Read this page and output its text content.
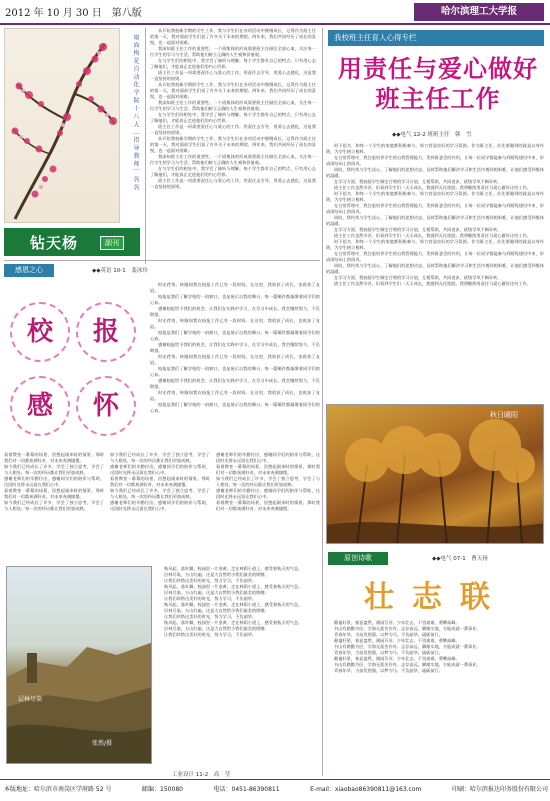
2012 年 10 月 30 日　第八版	哈尔滨理工大学报
扇 面 梅 花 自 动 化 学 院 十 八 大 ［ 指 导 教 师 ］ 名 名
钻天杨	副刊

从开始我校新学期的学生工作，我与学生们在各项活动中慢慢成长，记得作为班主任的第一天，我对面前学生们说了许多关于未来的期望。两年来，我们共同经历了成长的喜悦，也一起面对困难。

我深知班主任工作的重要性。一个班集体的形成需要班主任倾注全部心血，关注每一位学生的学习与生活，帮助他们树立正确的人生观和价值观。

在与学生们的相处中，我学会了倾听与理解。每个学生都有自己的特点，只有用心去了解他们，才能真正走进他们的内心世界。

班主任工作是一项需要责任心与爱心的工作。用责任去引导，用爱心去感化，这是我一直坚持的原则。

从开始我校新学期的学生工作，我与学生们在各项活动中慢慢成长，记得作为班主任的第一天，我对面前学生们说了许多关于未来的期望。两年来，我们共同经历了成长的喜悦，也一起面对困难。

我深知班主任工作的重要性。一个班集体的形成需要班主任倾注全部心血，关注每一位学生的学习与生活，帮助他们树立正确的人生观和价值观。

在与学生们的相处中，我学会了倾听与理解。每个学生都有自己的特点，只有用心去了解他们，才能真正走进他们的内心世界。

班主任工作是一项需要责任心与爱心的工作。用责任去引导，用爱心去感化，这是我一直坚持的原则。

从开始我校新学期的学生工作，我与学生们在各项活动中慢慢成长，记得作为班主任的第一天，我对面前学生们说了许多关于未来的期望。两年来，我们共同经历了成长的喜悦，也一起面对困难。

我深知班主任工作的重要性。一个班集体的形成需要班主任倾注全部心血，关注每一位学生的学习与生活，帮助他们树立正确的人生观和价值观。

在与学生们的相处中，我学会了倾听与理解。每个学生都有自己的特点，只有用心去了解他们，才能真正走进他们的内心世界。

班主任工作是一项需要责任心与爱心的工作。用责任去引导，用爱心去感化，这是我一直坚持的原则。

我校班主任育人心得专栏
用责任与爱心做好班主任工作
◆◆电气 12-2 班班主任　韩　雪

时下很多，和每一个学生的家庭都积极参与，努力营造良好的学习氛围。作为班主任，首先要做到的就是以身作则，为学生树立榜样。

在日常管理中，我注重培养学生的自我管理能力，发挥班委会的作用，让每一位同学都能参与到班级建设中来，形成团结向上的班风。

同时，我经常与学生谈心，了解他们的思想动态，及时帮助他们解决学习和生活中遇到的困难，让他们感受到集体的温暖。

在学习方面，我鼓励学生制定合理的学习计划，互相帮助，共同进步，班级学风不断好转。

班主任工作虽然辛苦，但看到学生们一天天成长，我感到无比欣慰。我将继续用责任与爱心做好这份工作。

时下很多，和每一个学生的家庭都积极参与，努力营造良好的学习氛围。作为班主任，首先要做到的就是以身作则，为学生树立榜样。

在日常管理中，我注重培养学生的自我管理能力，发挥班委会的作用，让每一位同学都能参与到班级建设中来，形成团结向上的班风。

同时，我经常与学生谈心，了解他们的思想动态，及时帮助他们解决学习和生活中遇到的困难，让他们感受到集体的温暖。

在学习方面，我鼓励学生制定合理的学习计划，互相帮助，共同进步，班级学风不断好转。

班主任工作虽然辛苦，但看到学生们一天天成长，我感到无比欣慰。我将继续用责任与爱心做好这份工作。

时下很多，和每一个学生的家庭都积极参与，努力营造良好的学习氛围。作为班主任，首先要做到的就是以身作则，为学生树立榜样。

在日常管理中，我注重培养学生的自我管理能力，发挥班委会的作用，让每一位同学都能参与到班级建设中来，形成团结向上的班风。

同时，我经常与学生谈心，了解他们的思想动态，及时帮助他们解决学习和生活中遇到的困难，让他们感受到集体的温暖。

在学习方面，我鼓励学生制定合理的学习计划，互相帮助，共同进步，班级学风不断好转。

班主任工作虽然辛苦，但看到学生们一天天成长，我感到无比欣慰。我将继续用责任与爱心做好这份工作。

感恩之心	◆◆英语 10-1　裴冰玲
校	报
感	怀

时光荏苒，转眼间我在校报工作已有一段时间。在这里，我收获了成长，也收获了友谊。

校报是我们了解学校的一扇窗口，也是展示自我的舞台。每一篇稿件都凝聚着同学们的心血。

感谢校报给予我们的机会，让我们在实践中学习，在学习中成长。我会继续努力，不负期望。

时光荏苒，转眼间我在校报工作已有一段时间。在这里，我收获了成长，也收获了友谊。

校报是我们了解学校的一扇窗口，也是展示自我的舞台。每一篇稿件都凝聚着同学们的心血。

感谢校报给予我们的机会，让我们在实践中学习，在学习中成长。我会继续努力，不负期望。

时光荏苒，转眼间我在校报工作已有一段时间。在这里，我收获了成长，也收获了友谊。

校报是我们了解学校的一扇窗口，也是展示自我的舞台。每一篇稿件都凝聚着同学们的心血。

感谢校报给予我们的机会，让我们在实践中学习，在学习中成长。我会继续努力，不负期望。

时光荏苒，转眼间我在校报工作已有一段时间。在这里，我收获了成长，也收获了友谊。

校报是我们了解学校的一扇窗口，也是展示自我的舞台。每一篇稿件都凝聚着同学们的心血。

看着教室一幕幕的场景，回想起刚来时的情景。那时我们对一切都充满好奇，对未来充满憧憬。

如今我们已经成长了许多，学会了独立思考，学会了与人相处。每一次的经历都让我们更加成熟。

感谢老师们的辛勤付出，感谢同学们的陪伴与帮助，这段时光将永远留在我们心中。

看着教室一幕幕的场景，回想起刚来时的情景。那时我们对一切都充满好奇，对未来充满憧憬。

如今我们已经成长了许多，学会了独立思考，学会了与人相处。每一次的经历都让我们更加成熟。

如今我们已经成长了许多，学会了独立思考，学会了与人相处。每一次的经历都让我们更加成熟。

感谢老师们的辛勤付出，感谢同学们的陪伴与帮助，这段时光将永远留在我们心中。

看着教室一幕幕的场景，回想起刚来时的情景。那时我们对一切都充满好奇，对未来充满憧憬。

如今我们已经成长了许多，学会了独立思考，学会了与人相处。每一次的经历都让我们更加成熟。

感谢老师们的辛勤付出，感谢同学们的陪伴与帮助，这段时光将永远留在我们心中。

感谢老师们的辛勤付出，感谢同学们的陪伴与帮助，这段时光将永远留在我们心中。

看着教室一幕幕的场景，回想起刚来时的情景。那时我们对一切都充满好奇，对未来充满憧憬。

如今我们已经成长了许多，学会了独立思考，学会了与人相处。每一次的经历都让我们更加成熟。

感谢老师们的辛勤付出，感谢同学们的陪伴与帮助，这段时光将永远留在我们心中。

看着教室一幕幕的场景，回想起刚来时的情景。那时我们对一切都充满好奇，对未来充满憧憬。

层林尽染
张然/摄

秋风起，落叶飘，校园里一片金黄。走在林荫小道上，感受着秋天的气息。

层林尽染，万山红遍，这是大自然给予我们最美的馈赠。

让我们珍惜这美好的时光，努力学习，不负韶华。

秋风起，落叶飘，校园里一片金黄。走在林荫小道上，感受着秋天的气息。

层林尽染，万山红遍，这是大自然给予我们最美的馈赠。

让我们珍惜这美好的时光，努力学习，不负韶华。

秋风起，落叶飘，校园里一片金黄。走在林荫小道上，感受着秋天的气息。

层林尽染，万山红遍，这是大自然给予我们最美的馈赠。

让我们珍惜这美好的时光，努力学习，不负韶华。

秋风起，落叶飘，校园里一片金黄。走在林荫小道上，感受着秋天的气息。

层林尽染，万山红遍，这是大自然给予我们最美的馈赠。

让我们珍惜这美好的时光，努力学习，不负韶华。

工业设计 11-2　高　莹
秋日暖阳
原创诗歌	◆◆电气 07-1　曹天扬
壮志联

静谧好景，春意盎然，满园芬芳。少年壮志，不畏艰难，勇攀高峰。

书山有路勤为径，学海无涯苦作舟。志存高远，脚踏实地，方能成就一番事业。

青春年华，当奋发图强，以梦为马，不负韶华，砥砺前行。

静谧好景，春意盎然，满园芬芳。少年壮志，不畏艰难，勇攀高峰。

书山有路勤为径，学海无涯苦作舟。志存高远，脚踏实地，方能成就一番事业。

青春年华，当奋发图强，以梦为马，不负韶华，砥砺前行。

静谧好景，春意盎然，满园芬芳。少年壮志，不畏艰难，勇攀高峰。

书山有路勤为径，学海无涯苦作舟。志存高远，脚踏实地，方能成就一番事业。

青春年华，当奋发图强，以梦为马，不负韶华，砥砺前行。

本版地址：哈尔滨市南岗区学府路 52 号	邮编：150080	电话：0451-86390811	E-mail：xiaobao86390811@163.com	印刷：哈尔滨报达印务股份有限公司
